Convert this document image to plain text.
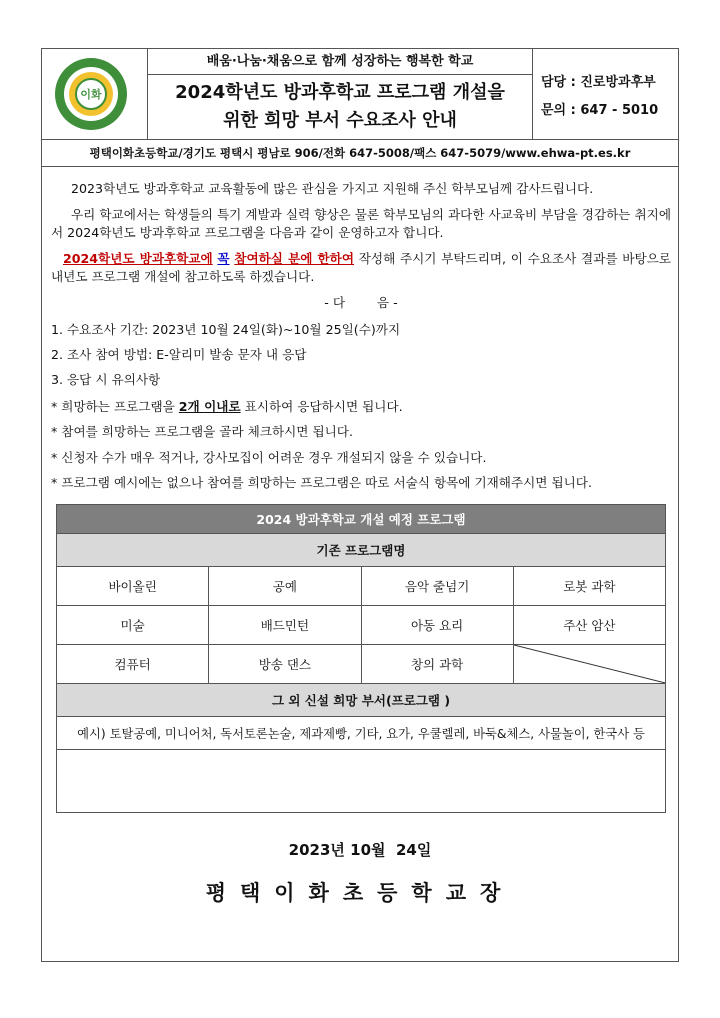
이화
배움·나눔·채움으로 함께 성장하는 행복한 학교
2024학년도 방과후학교 프로그램 개설을
위한 희망 부서 수요조사 안내
담당 : 진로방과후부
문의 : 647 - 5010
평택이화초등학교/경기도 평택시 평남로 906/전화 647-5008/팩스 647-5079/www.ehwa-pt.es.kr
2023학년도 방과후학교 교육활동에 많은 관심을 가지고 지원해 주신 학부모님께 감사드립니다.
우리 학교에서는 학생들의 특기 계발과 실력 향상은 물론 학부모님의 과다한 사교육비 부담을 경감하는 취지에서 2024학년도 방과후학교 프로그램을 다음과 같이 운영하고자 합니다.
2024학년도 방과후학교에 꼭 참여하실 분에 한하여 작성해 주시기 부탁드리며, 이 수요조사 결과를 바탕으로 내년도 프로그램 개설에 참고하도록 하겠습니다.
- 다        음 -
1. 수요조사 기간: 2023년 10월 24일(화)~10월 25일(수)까지
2. 조사 참여 방법: E-알리미 발송 문자 내 응답
3. 응답 시 유의사항
* 희망하는 프로그램을 2개 이내로 표시하여 응답하시면 됩니다.
* 참여를 희망하는 프로그램을 골라 체크하시면 됩니다.
* 신청자 수가 매우 적거나, 강사모집이 어려운 경우 개설되지 않을 수 있습니다.
* 프로그램 예시에는 없으나 참여를 희망하는 프로그램은 따로 서술식 항목에 기재해주시면 됩니다.
2024 방과후학교 개설 예정 프로그램			
기존 프로그램명			
바이올린	공예	음악 줄넘기	로봇 과학
미술	배드민턴	아동 요리	주산 암산
컴퓨터	방송 댄스	창의 과학	

그 외 신설 희망 부서(프로그램 )			
예시) 토탈공예, 미니어처, 독서토론논술, 제과제빵, 기타, 요가, 우쿨렐레, 바둑&체스, 사물놀이, 한국사 등			

2023년 10월  24일
평택이화초등학교장
